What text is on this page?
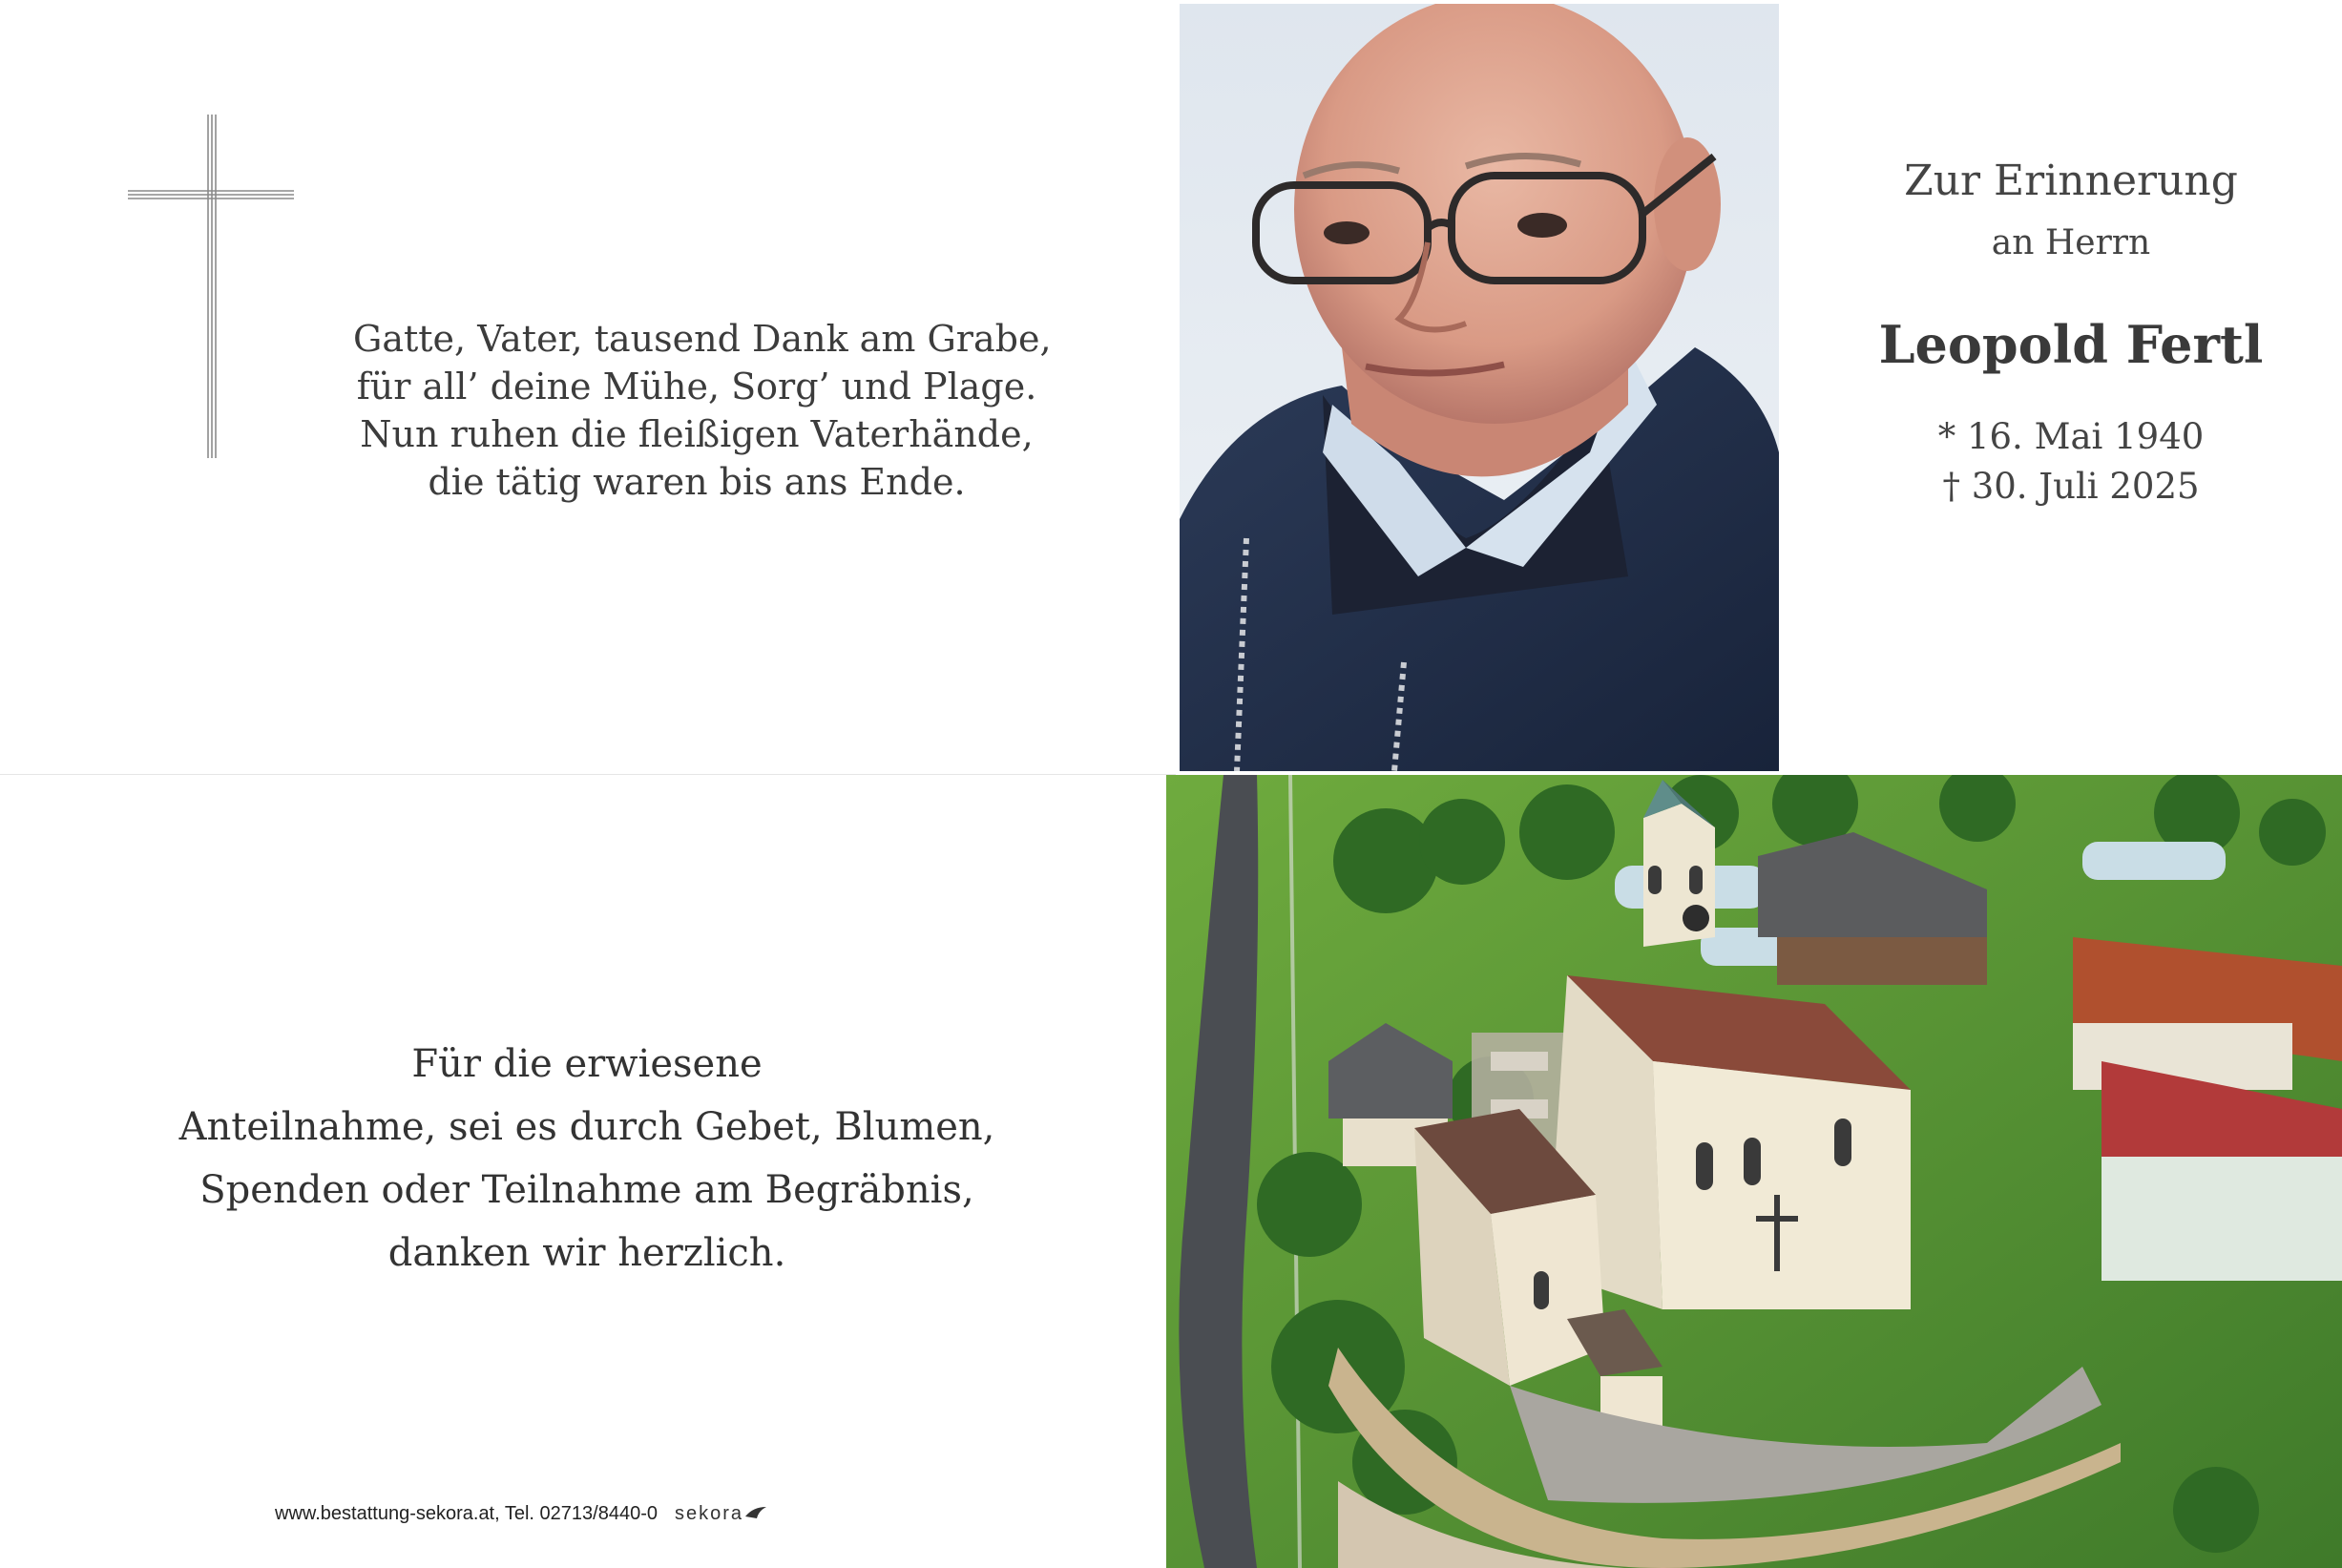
Gatte, Vater, tausend Dank am Grabe,
für all’ deine Mühe, Sorg’ und Plage.
Nun ruhen die fleißigen Vaterhände,
die tätig waren bis ans Ende.
Zur Erinnerung
an Herrn
Leopold Fertl
* 16. Mai 1940
† 30. Juli 2025
Für die erwiesene
Anteilnahme, sei es durch Gebet, Blumen,
Spenden oder Teilnahme am Begräbnis,
danken wir herzlich.
www.bestattung-sekora.at, Tel. 02713/8440-0 sekora
